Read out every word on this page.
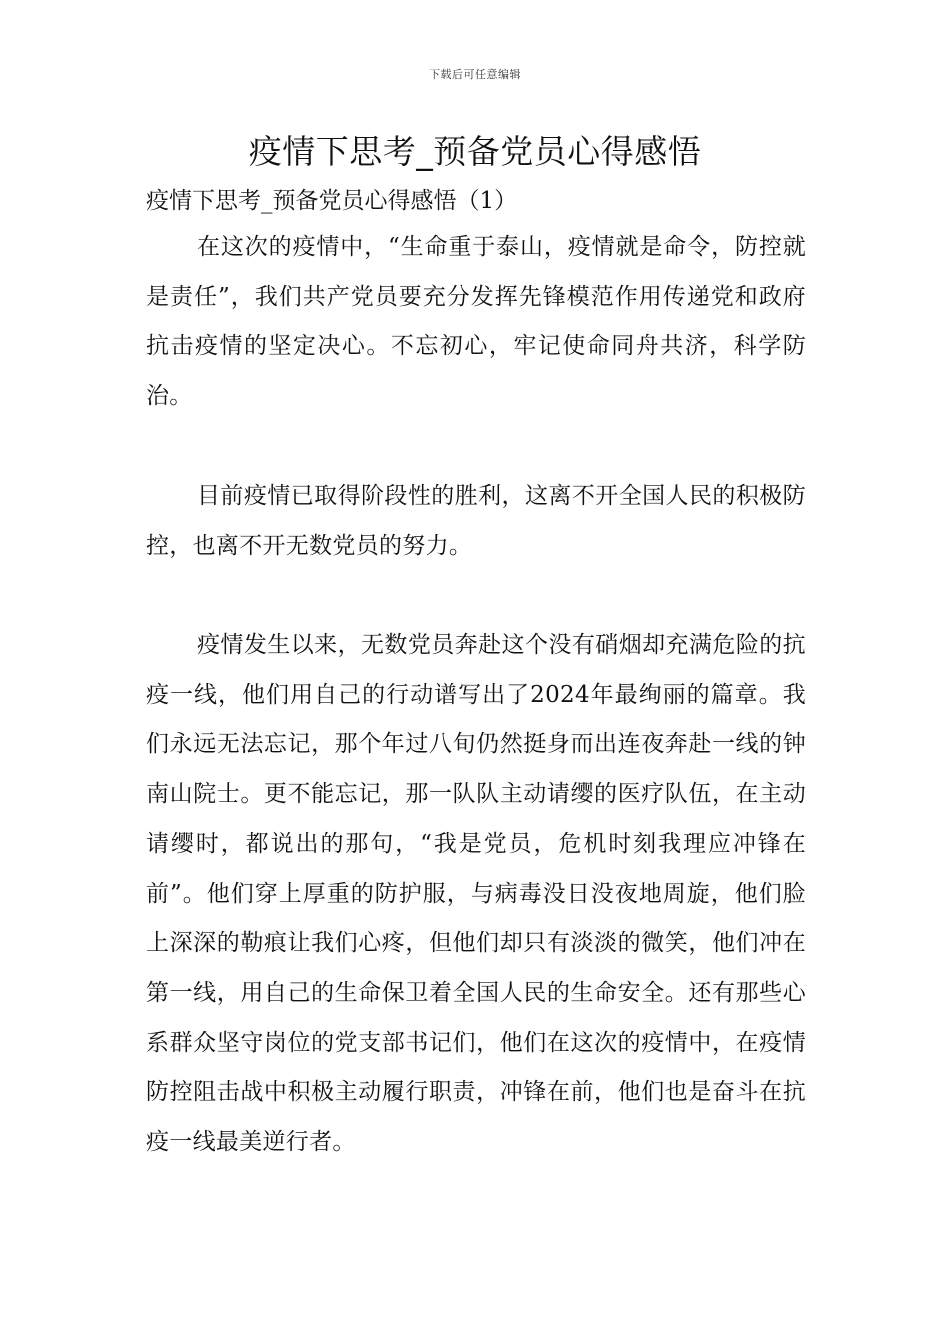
下载后可任意编辑
疫情下思考_预备党员心得感悟
疫情下思考_预备党员心得感悟（1）

在这次的疫情中，“生命重于泰山，疫情就是命令，防控就是责任”，我们共产党员要充分发挥先锋模范作用传递党和政府抗击疫情的坚定决心。不忘初心，牢记使命同舟共济，科学防治。

目前疫情已取得阶段性的胜利，这离不开全国人民的积极防控，也离不开无数党员的努力。

疫情发生以来，无数党员奔赴这个没有硝烟却充满危险的抗疫一线，他们用自己的行动谱写出了2024年最绚丽的篇章。我们永远无法忘记，那个年过八旬仍然挺身而出连夜奔赴一线的钟南山院士。更不能忘记，那一队队主动请缨的医疗队伍，在主动请缨时，都说出的那句，“我是党员，危机时刻我理应冲锋在前”。他们穿上厚重的防护服，与病毒没日没夜地周旋，他们脸上深深的勒痕让我们心疼，但他们却只有淡淡的微笑，他们冲在第一线，用自己的生命保卫着全国人民的生命安全。还有那些心系群众坚守岗位的党支部书记们，他们在这次的疫情中，在疫情防控阻击战中积极主动履行职责，冲锋在前，他们也是奋斗在抗疫一线最美逆行者。
